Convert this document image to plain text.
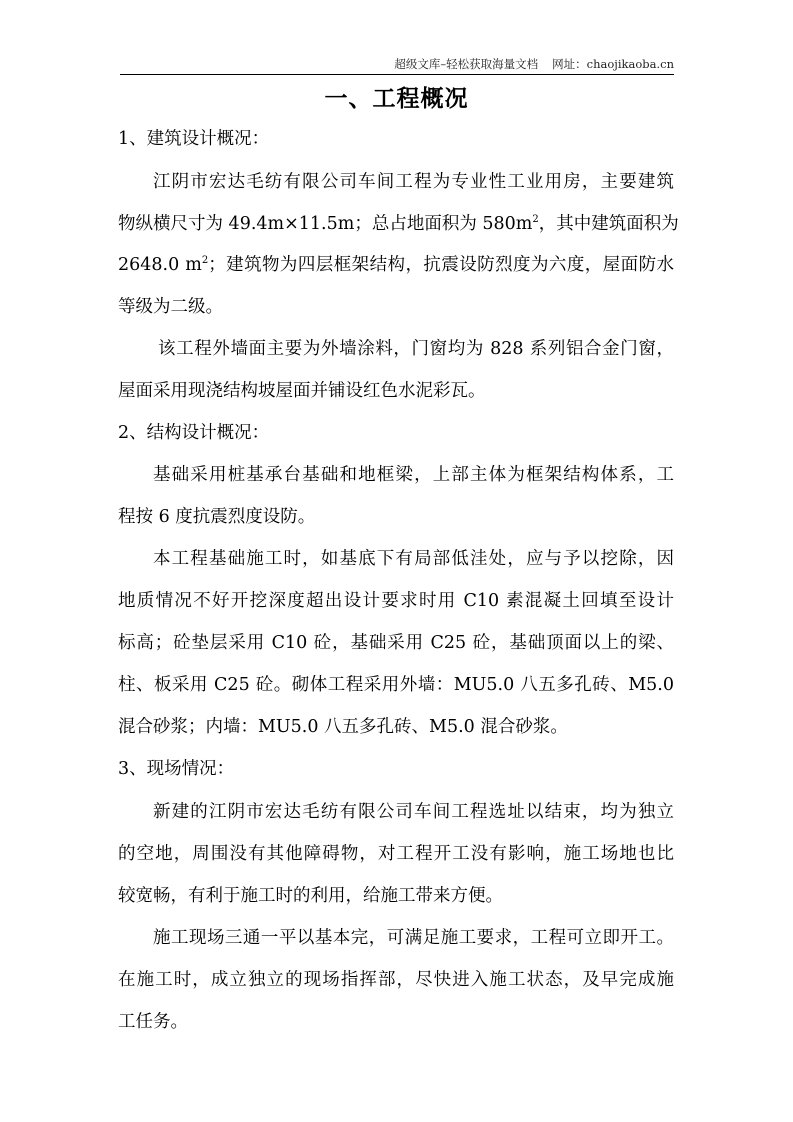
超级文库–轻松获取海量文档 网址：chaojikaoba.cn
一、工程概况
1、建筑设计概况：
江阴市宏达毛纺有限公司车间工程为专业性工业用房，主要建筑
物纵横尺寸为 49.4m×11.5m；总占地面积为 $580m^2$，其中建筑面积为
2648.0 $m^2$；建筑物为四层框架结构，抗震设防烈度为六度，屋面防水
等级为二级。
该工程外墙面主要为外墙涂料，门窗均为 828 系列铝合金门窗，
屋面采用现浇结构坡屋面并铺设红色水泥彩瓦。
2、结构设计概况：
基础采用桩基承台基础和地框梁，上部主体为框架结构体系，工
程按 6 度抗震烈度设防。
本工程基础施工时，如基底下有局部低洼处，应与予以挖除，因
地质情况不好开挖深度超出设计要求时用 C10 素混凝土回填至设计
标高；砼垫层采用 C10 砼，基础采用 C25 砼，基础顶面以上的梁、
柱、板采用 C25 砼。砌体工程采用外墙：MU5.0 八五多孔砖、M5.0
混合砂浆；内墙：MU5.0 八五多孔砖、M5.0 混合砂浆。
3、现场情况：
新建的江阴市宏达毛纺有限公司车间工程选址以结束，均为独立
的空地，周围没有其他障碍物，对工程开工没有影响，施工场地也比
较宽畅，有利于施工时的利用，给施工带来方便。
施工现场三通一平以基本完，可满足施工要求，工程可立即开工。
在施工时，成立独立的现场指挥部，尽快进入施工状态，及早完成施
工任务。
